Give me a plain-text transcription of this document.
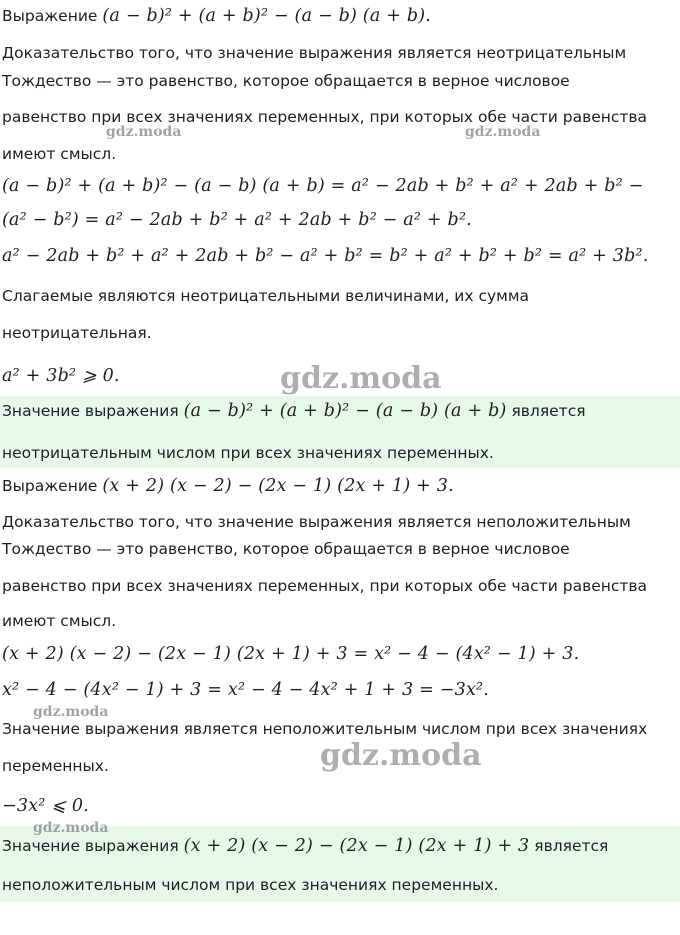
Выражение (a − b)² + (a + b)² − (a − b) (a + b).
Доказательство того, что значение выражения является неотрицательным
Тождество — это равенство, которое обращается в верное числовое
равенство при всех значениях переменных, при которых обе части равенства
имеют смысл.
(a − b)² + (a + b)² − (a − b) (a + b) = a² − 2ab + b² + a² + 2ab + b² −
(a² − b²) = a² − 2ab + b² + a² + 2ab + b² − a² + b².
a² − 2ab + b² + a² + 2ab + b² − a² + b² = b² + a² + b² + b² = a² + 3b².
Слагаемые являются неотрицательными величинами, их сумма
неотрицательная.
a² + 3b² ⩾ 0.
Значение выражения (a − b)² + (a + b)² − (a − b) (a + b) является
неотрицательным числом при всех значениях переменных.
Выражение (x + 2) (x − 2) − (2x − 1) (2x + 1) + 3.
Доказательство того, что значение выражения является неположительным
Тождество — это равенство, которое обращается в верное числовое
равенство при всех значениях переменных, при которых обе части равенства
имеют смысл.
(x + 2) (x − 2) − (2x − 1) (2x + 1) + 3 = x² − 4 − (4x² − 1) + 3.
x² − 4 − (4x² − 1) + 3 = x² − 4 − 4x² + 1 + 3 = −3x².
Значение выражения является неположительным числом при всех значениях
переменных.
−3x² ⩽ 0.
Значение выражения (x + 2) (x − 2) − (2x − 1) (2x + 1) + 3 является
неположительным числом при всех значениях переменных.
gdz.moda	gdz.moda
gdz.moda
gdz.moda
gdz.moda
gdz.moda
